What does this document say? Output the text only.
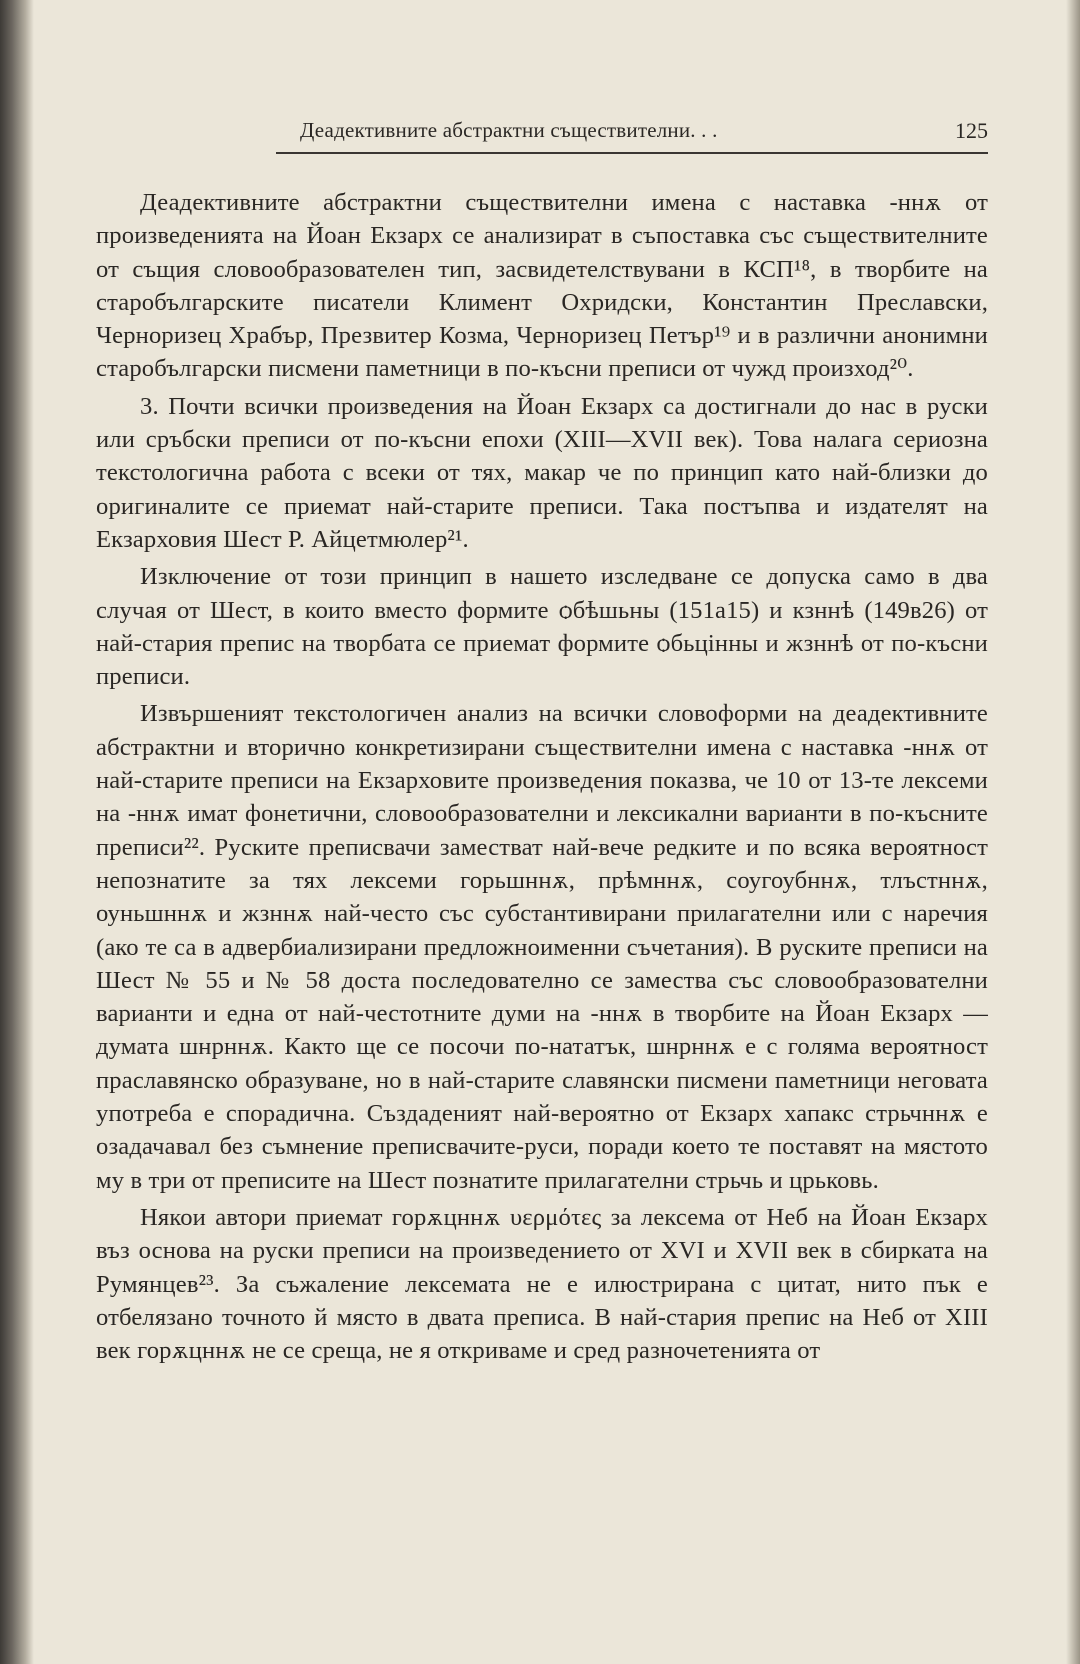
Деадективните абстрактни съществителни. . .	125

Деадективните абстрактни съществителни имена с наставка -ннѫ от произведенията на Йоан Екзарх се анализират в съпоставка със съществителните от същия словообразователен тип, засвидетелствувани в КСП¹⁸, в творбите на старобългарските писатели Климент Охридски, Константин Преславски, Черноризец Храбър, Презвитер Козма, Черноризец Петър¹⁹ и в различни анонимни старобългарски писмени паметници в по-късни преписи от чужд произход²⁰.

3. Почти всички произведения на Йоан Екзарх са достигнали до нас в руски или сръбски преписи от по-късни епохи (XIII—XVII век). Това налага сериозна текстологична работа с всеки от тях, макар че по принцип като най-близки до оригиналите се приемат най-старите преписи. Така постъпва и издателят на Екзарховия Шест Р. Айцетмюлер²¹.

Изключение от този принцип в нашето изследване се допуска само в два случая от Шест, в които вместо формите ѻбѣшьны (151а15) и кзннѣ (149в26) от най-стария препис на творбата се приемат формите ѻбьцінны и жзннѣ от по-късни преписи.

Извършеният текстологичен анализ на всички словоформи на деадективните абстрактни и вторично конкретизирани съществителни имена с наставка -ннѫ от най-старите преписи на Екзарховите произведения показва, че 10 от 13-те лексеми на -ннѫ имат фонетични, словообразователни и лексикални варианти в по-късните преписи²². Руските преписвачи заместват най-вече редките и по всяка вероятност непознатите за тях лексеми горьшннѫ, прѣмннѫ, соугоубннѫ, тлъстннѫ, оуньшннѫ и жзннѫ най-често със субстантивирани прилагателни или с наречия (ако те са в адвербиализирани предложноименни съчетания). В руските преписи на Шест № 55 и № 58 доста последователно се замества със словообразователни варианти и една от най-честотните думи на -ннѫ в творбите на Йоан Екзарх — думата шнрннѫ. Както ще се посочи по-нататък, шнрннѫ е с голяма вероятност праславянско образуване, но в най-старите славянски писмени паметници неговата употреба е спорадична. Създаденият най-вероятно от Екзарх хапакс стрьчннѫ е озадачавал без съмнение преписвачите-руси, поради което те поставят на мястото му в три от преписите на Шест познатите прилагателни стрьчь и црьковь.

Някои автори приемат горѫцннѫ υερμότες за лексема от Неб на Йоан Екзарх въз основа на руски преписи на произведението от XVI и XVII век в сбирката на Румянцев²³. За съжаление лексемата не е илюстрирана с цитат, нито пък е отбелязано точното й място в двата преписа. В най-стария препис на Неб от XIII век горѫцннѫ не се среща, не я откриваме и сред разночетенията от
